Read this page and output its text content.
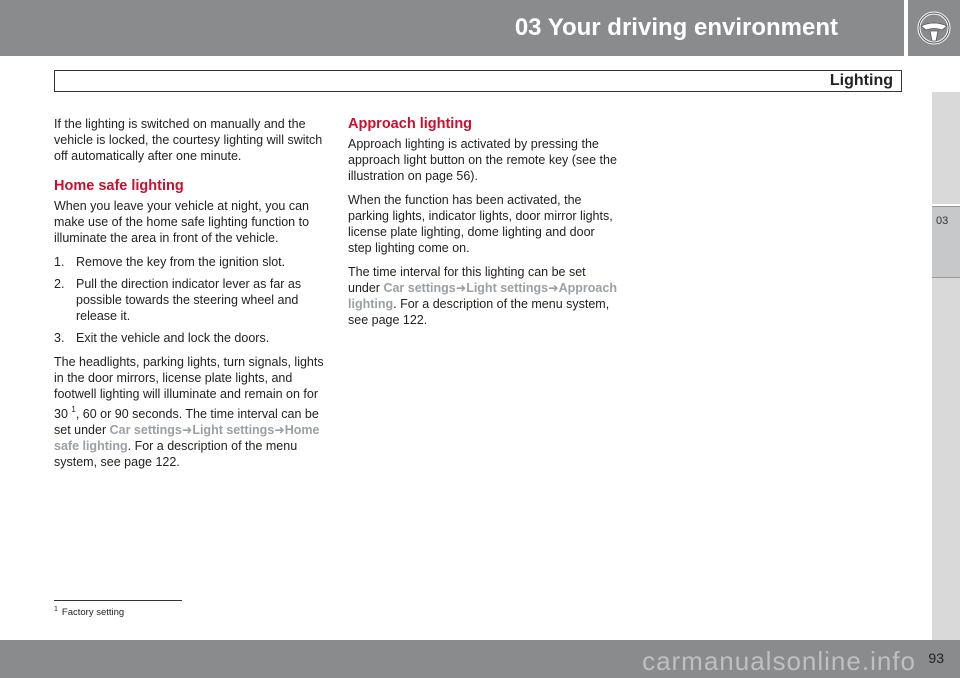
03 Your driving environment
Lighting
03

If the lighting is switched on manually and the vehicle is locked, the courtesy lighting will switch off automatically after one minute.

Home safe lighting

When you leave your vehicle at night, you can make use of the home safe lighting function to illuminate the area in front of the vehicle.

1. Remove the key from the ignition slot.
2. Pull the direction indicator lever as far as possible towards the steering wheel and release it.
3. Exit the vehicle and lock the doors.

The headlights, parking lights, turn signals, lights in the door mirrors, license plate lights, and footwell lighting will illuminate and remain on for 30 $^1$, 60 or 90 seconds. The time interval can be set under Car settings➜Light settings➜Home safe lighting. For a description of the menu system, see page 122.

Approach lighting

Approach lighting is activated by pressing the approach light button on the remote key (see the illustration on page 56).

When the function has been activated, the parking lights, indicator lights, door mirror lights, license plate lighting, dome lighting and door step lighting come on.

The time interval for this lighting can be set under Car settings➜Light settings➜Approach lighting. For a description of the menu system, see page 122.

$^1$ Factory setting
carmanualsonline.info 93
